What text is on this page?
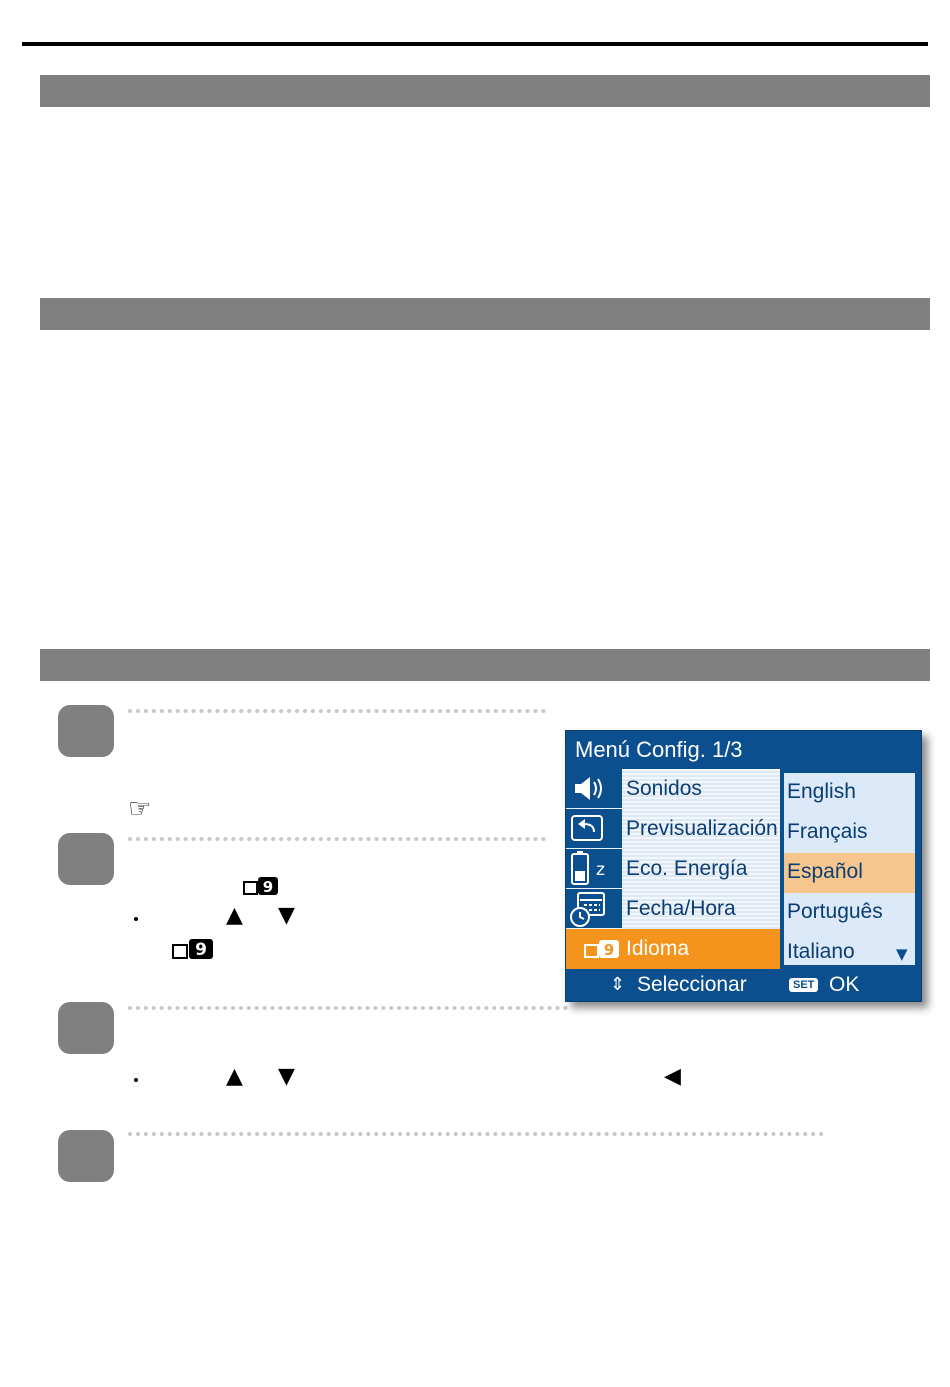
☞
9
▲ ▼
9
▲ ▼	◀
Menú Config. 1/3
Sonidos
Previsualización
z Eco. Energía
Fecha/Hora
9 Idioma
English
Français
Español
Português
Italiano	▼
⇕ Seleccionar	SET OK
